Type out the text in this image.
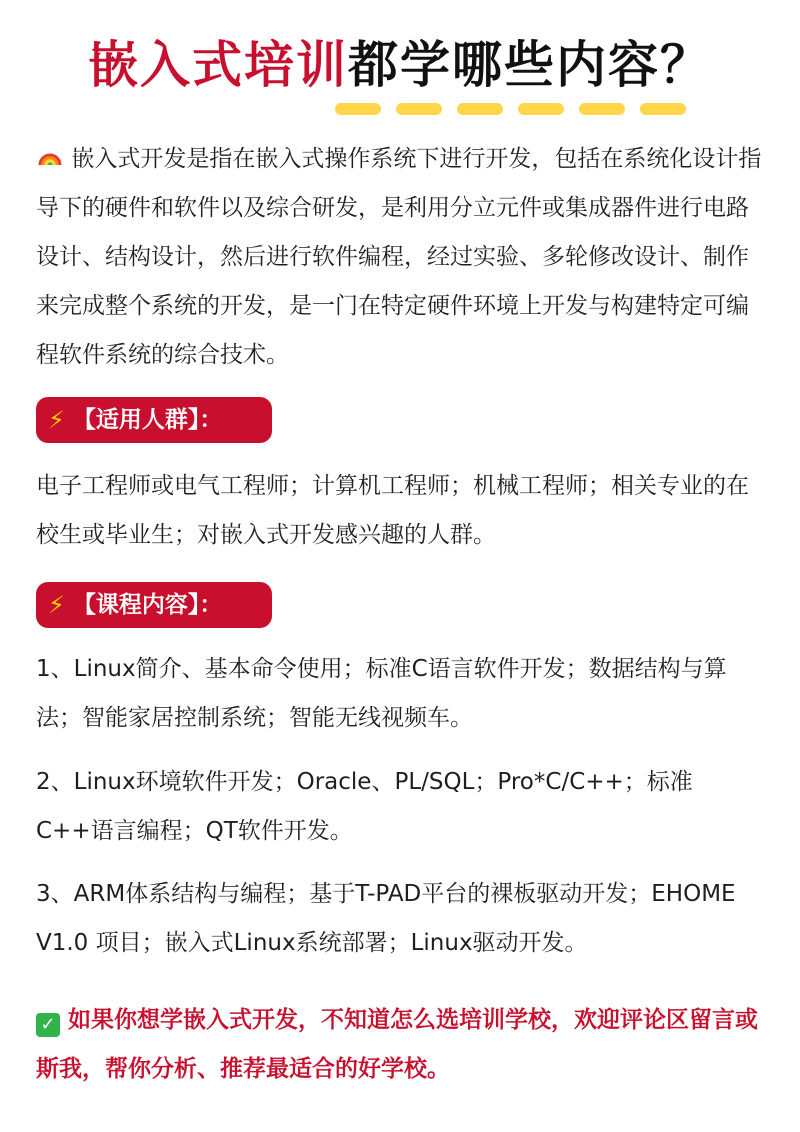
嵌入式培训都学哪些内容？

嵌入式开发是指在嵌入式操作系统下进行开发，包括在系统化设计指导下的硬件和软件以及综合研发，是利用分立元件或集成器件进行电路设计、结构设计，然后进行软件编程，经过实验、多轮修改设计、制作来完成整个系统的开发，是一门在特定硬件环境上开发与构建特定可编程软件系统的综合技术。

⚡ 【适用人群】：

电子工程师或电气工程师；计算机工程师；机械工程师；相关专业的在校生或毕业生；对嵌入式开发感兴趣的人群。

⚡ 【课程内容】：

1、Linux简介、基本命令使用；标准C语言软件开发；数据结构与算法；智能家居控制系统；智能无线视频车。

2、Linux环境软件开发；Oracle、PL/SQL；Pro*C/C++；标准C++语言编程；QT软件开发。

3、ARM体系结构与编程；基于T-PAD平台的裸板驱动开发；EHOME V1.0 项目；嵌入式Linux系统部署；Linux驱动开发。

✓ 如果你想学嵌入式开发，不知道怎么选培训学校，欢迎评论区留言或斯我，帮你分析、推荐最适合的好学校。
